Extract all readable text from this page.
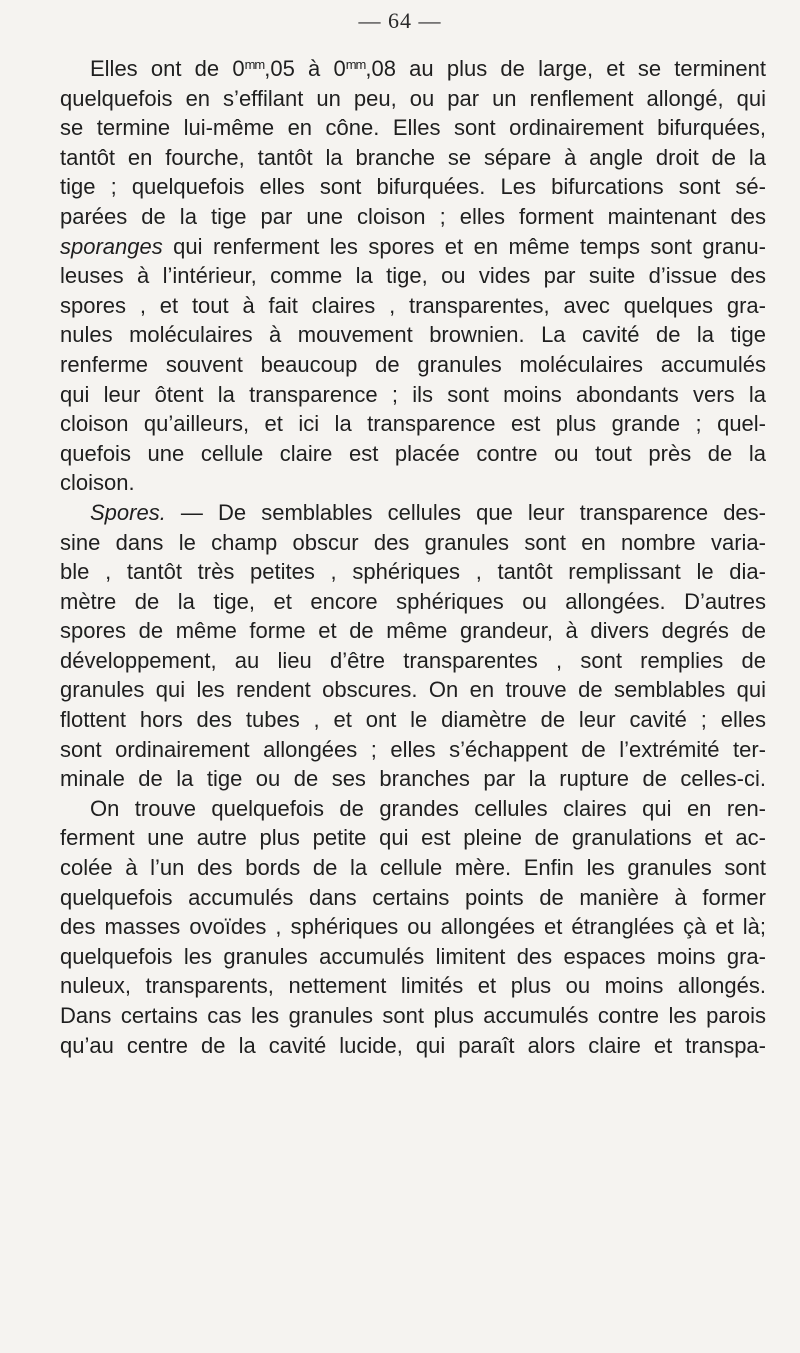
— 64 —
Elles ont de $0^{mm},05$ à $0^{mm},08$ au plus de large, et se terminent
quelquefois en s’effilant un peu, ou par un renflement allongé, qui
se termine lui-même en cône. Elles sont ordinairement bifurquées,
tantôt en fourche, tantôt la branche se sépare à angle droit de la
tige ; quelquefois elles sont bifurquées. Les bifurcations sont sé-
parées de la tige par une cloison ; elles forment maintenant des
sporanges qui renferment les spores et en même temps sont granu-
leuses à l’intérieur, comme la tige, ou vides par suite d’issue des
spores , et tout à fait claires , transparentes, avec quelques gra-
nules moléculaires à mouvement brownien. La cavité de la tige
renferme souvent beaucoup de granules moléculaires accumulés
qui leur ôtent la transparence ; ils sont moins abondants vers la
cloison qu’ailleurs, et ici la transparence est plus grande ; quel-
quefois une cellule claire est placée contre ou tout près de la
cloison.
Spores. — De semblables cellules que leur transparence des-
sine dans le champ obscur des granules sont en nombre varia-
ble , tantôt très petites , sphériques , tantôt remplissant le dia-
mètre de la tige, et encore sphériques ou allongées. D’autres
spores de même forme et de même grandeur, à divers degrés de
développement, au lieu d’être transparentes , sont remplies de
granules qui les rendent obscures. On en trouve de semblables qui
flottent hors des tubes , et ont le diamètre de leur cavité ; elles
sont ordinairement allongées ; elles s’échappent de l’extrémité ter-
minale de la tige ou de ses branches par la rupture de celles-ci.
On trouve quelquefois de grandes cellules claires qui en ren-
ferment une autre plus petite qui est pleine de granulations et ac-
colée à l’un des bords de la cellule mère. Enfin les granules sont
quelquefois accumulés dans certains points de manière à former
des masses ovoïdes , sphériques ou allongées et étranglées çà et là;
quelquefois les granules accumulés limitent des espaces moins gra-
nuleux, transparents, nettement limités et plus ou moins allongés.
Dans certains cas les granules sont plus accumulés contre les parois
qu’au centre de la cavité lucide, qui paraît alors claire et transpa-
